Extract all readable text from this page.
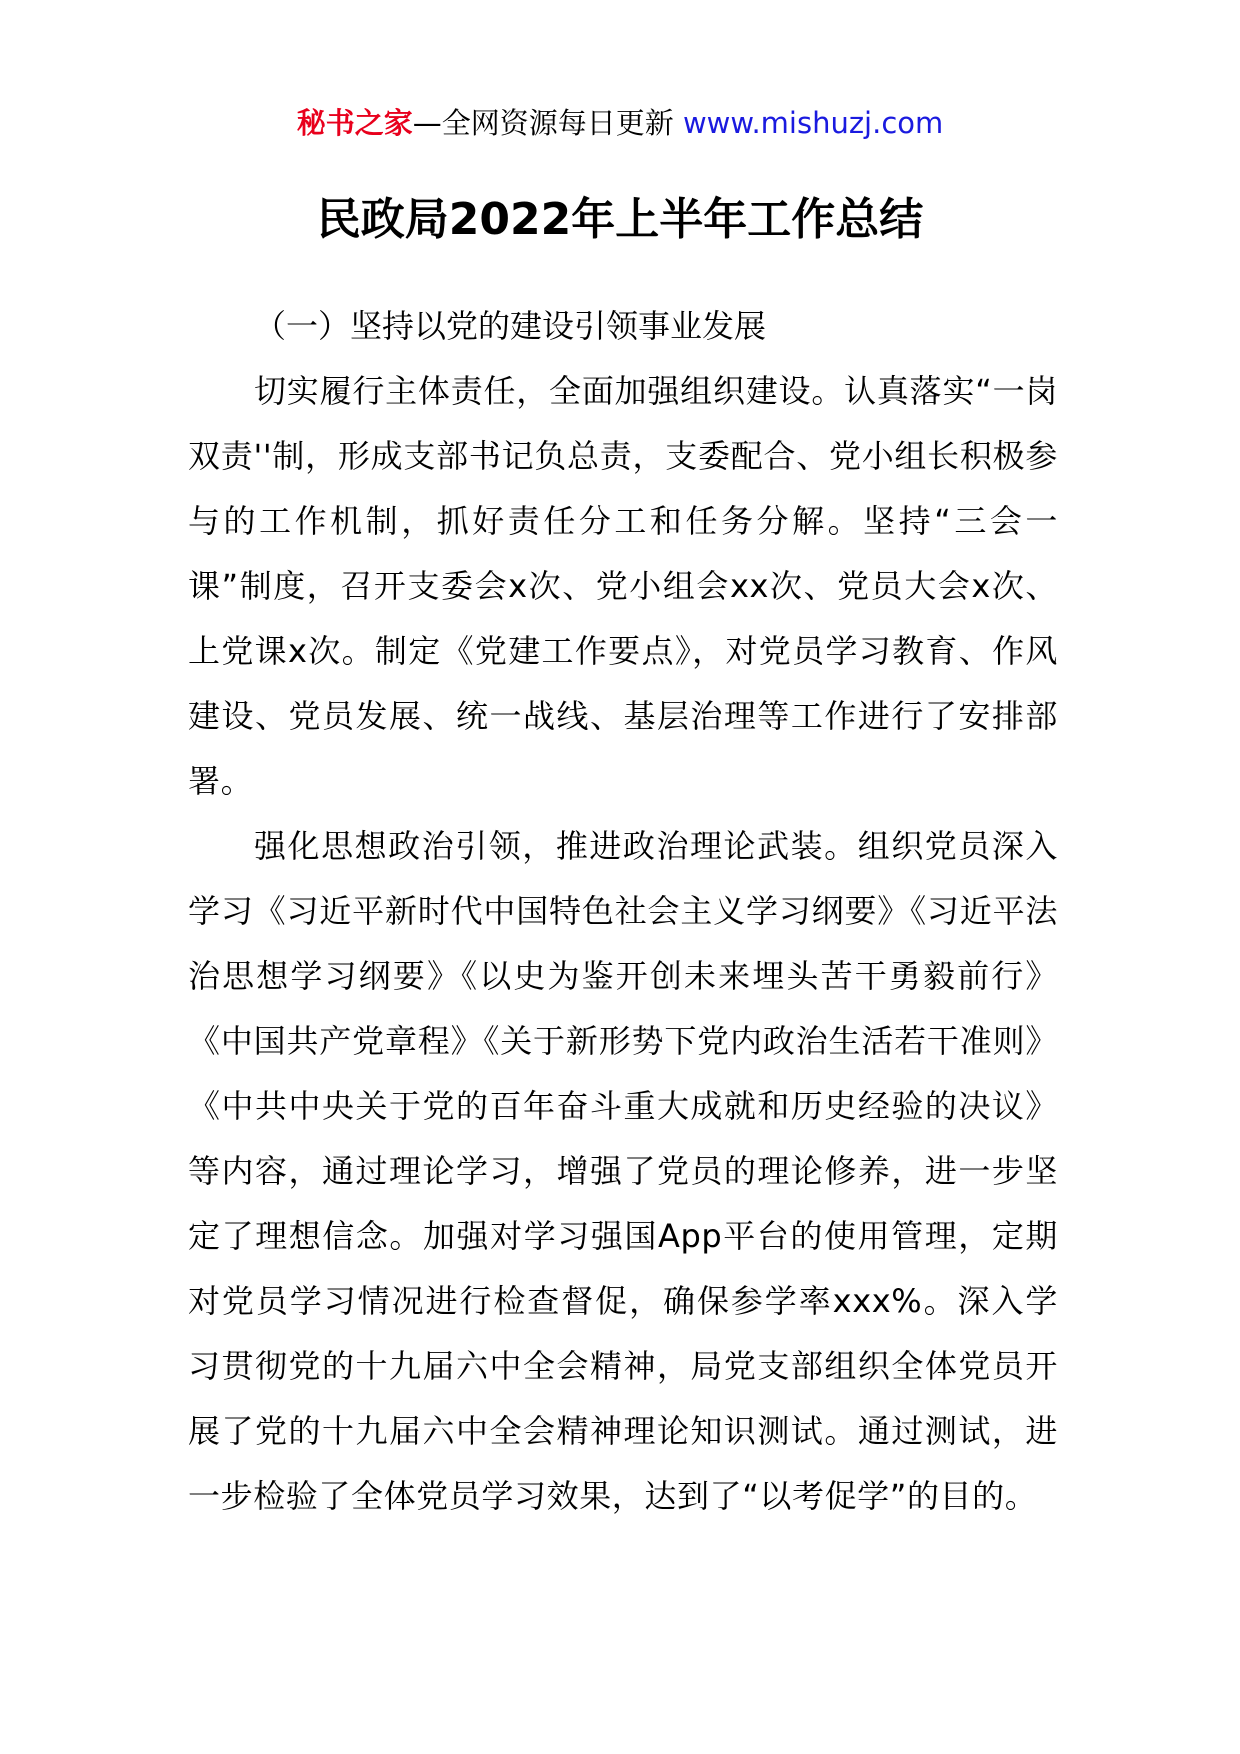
秘书之家—全网资源每日更新 www.mishuzj.com
民政局2022年上半年工作总结
（一）坚持以党的建设引领事业发展

切实履行主体责任，全面加强组织建设。认真落实“一岗双责''制，形成支部书记负总责，支委配合、党小组长积极参与的工作机制，抓好责任分工和任务分解。坚持“三会一课”制度，召开支委会x次、党小组会xx次、党员大会x次、上党课x次。制定《党建工作要点》，对党员学习教育、作风建设、党员发展、统一战线、基层治理等工作进行了安排部署。

强化思想政治引领，推进政治理论武装。组织党员深入学习《习近平新时代中国特色社会主义学习纲要》《习近平法治思想学习纲要》《以史为鉴开创未来埋头苦干勇毅前行》《中国共产党章程》《关于新形势下党内政治生活若干准则》《中共中央关于党的百年奋斗重大成就和历史经验的决议》等内容，通过理论学习，增强了党员的理论修养，进一步坚定了理想信念。加强对学习强国App平台的使用管理，定期对党员学习情况进行检查督促，确保参学率xxx%。深入学习贯彻党的十九届六中全会精神，局党支部组织全体党员开展了党的十九届六中全会精神理论知识测试。通过测试，进一步检验了全体党员学习效果，达到了“以考促学”的目的。
